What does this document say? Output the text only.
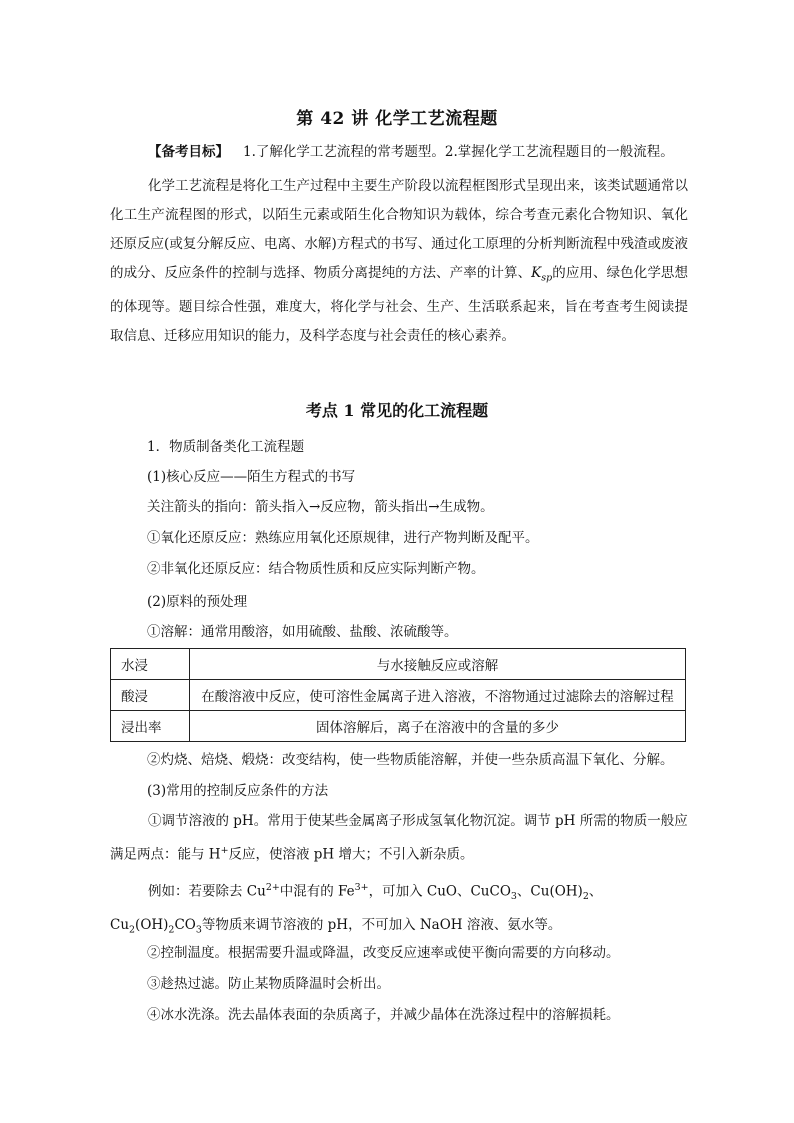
第 42 讲 化学工艺流程题

【备考目标】 1.了解化学工艺流程的常考题型。2.掌握化学工艺流程题目的一般流程。

化学工艺流程是将化工生产过程中主要生产阶段以流程框图形式呈现出来，该类试题通常以化工生产流程图的形式，以陌生元素或陌生化合物知识为载体，综合考查元素化合物知识、氧化还原反应(或复分解反应、电离、水解)方程式的书写、通过化工原理的分析判断流程中残渣或废液的成分、反应条件的控制与选择、物质分离提纯的方法、产率的计算、$K_{sp}$的应用、绿色化学思想的体现等。题目综合性强，难度大，将化学与社会、生产、生活联系起来，旨在考查考生阅读提取信息、迁移应用知识的能力，及科学态度与社会责任的核心素养。

考点 1 常见的化工流程题
1．物质制备类化工流程题
(1)核心反应——陌生方程式的书写
关注箭头的指向：箭头指入→反应物，箭头指出→生成物。
①氧化还原反应：熟练应用氧化还原规律，进行产物判断及配平。
②非氧化还原反应：结合物质性质和反应实际判断产物。
(2)原料的预处理
①溶解：通常用酸溶，如用硫酸、盐酸、浓硫酸等。
水浸	与水接触反应或溶解
酸浸	在酸溶液中反应，使可溶性金属离子进入溶液，不溶物通过过滤除去的溶解过程
浸出率	固体溶解后，离子在溶液中的含量的多少
②灼烧、焙烧、煅烧：改变结构，使一些物质能溶解，并使一些杂质高温下氧化、分解。
(3)常用的控制反应条件的方法
①调节溶液的 pH。常用于使某些金属离子形成氢氧化物沉淀。调节 pH 所需的物质一般应满足两点：能与 H+反应，使溶液 pH 增大；不引入新杂质。
例如：若要除去 $Cu^{2+}$中混有的 $Fe^{3+}$，可加入 CuO、CuCO$_3$、$Cu(OH)_2$、$Cu_2(OH)_2CO_3$等物质来调节溶液的 pH，不可加入 NaOH 溶液、氨水等。
②控制温度。根据需要升温或降温，改变反应速率或使平衡向需要的方向移动。
③趁热过滤。防止某物质降温时会析出。
④冰水洗涤。洗去晶体表面的杂质离子，并减少晶体在洗涤过程中的溶解损耗。
